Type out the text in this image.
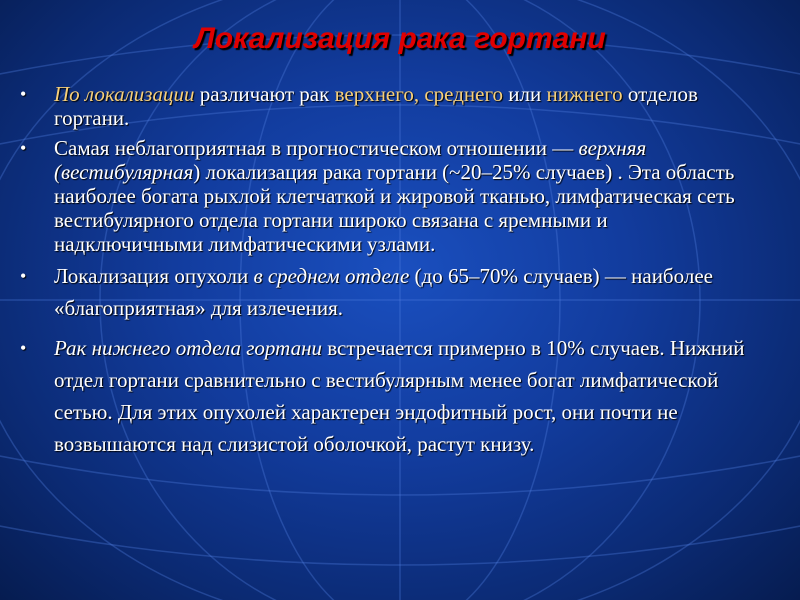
Локализация рака гортани
• По локализации различают рак верхнего, среднего или нижнего отделов гортани.
• Самая неблагоприятная в прогностическом отношении — верхняя (вестибулярная) локализация рака гортани (~20–25% случаев) . Эта область наиболее богата рыхлой клетчаткой и жировой тканью, лимфатическая сеть вестибулярного отдела гортани широко связана с яремными и надключичными лимфатическими узлами.
• Локализация опухоли в среднем отделе (до 65–70% случаев) — наиболее «благоприятная» для излечения.
• Рак нижнего отдела гортани встречается примерно в 10% случаев. Нижний отдел гортани сравнительно с вестибулярным менее богат лимфатической сетью. Для этих опухолей характерен эндофитный рост, они почти не возвышаются над слизистой оболочкой, растут книзу.
